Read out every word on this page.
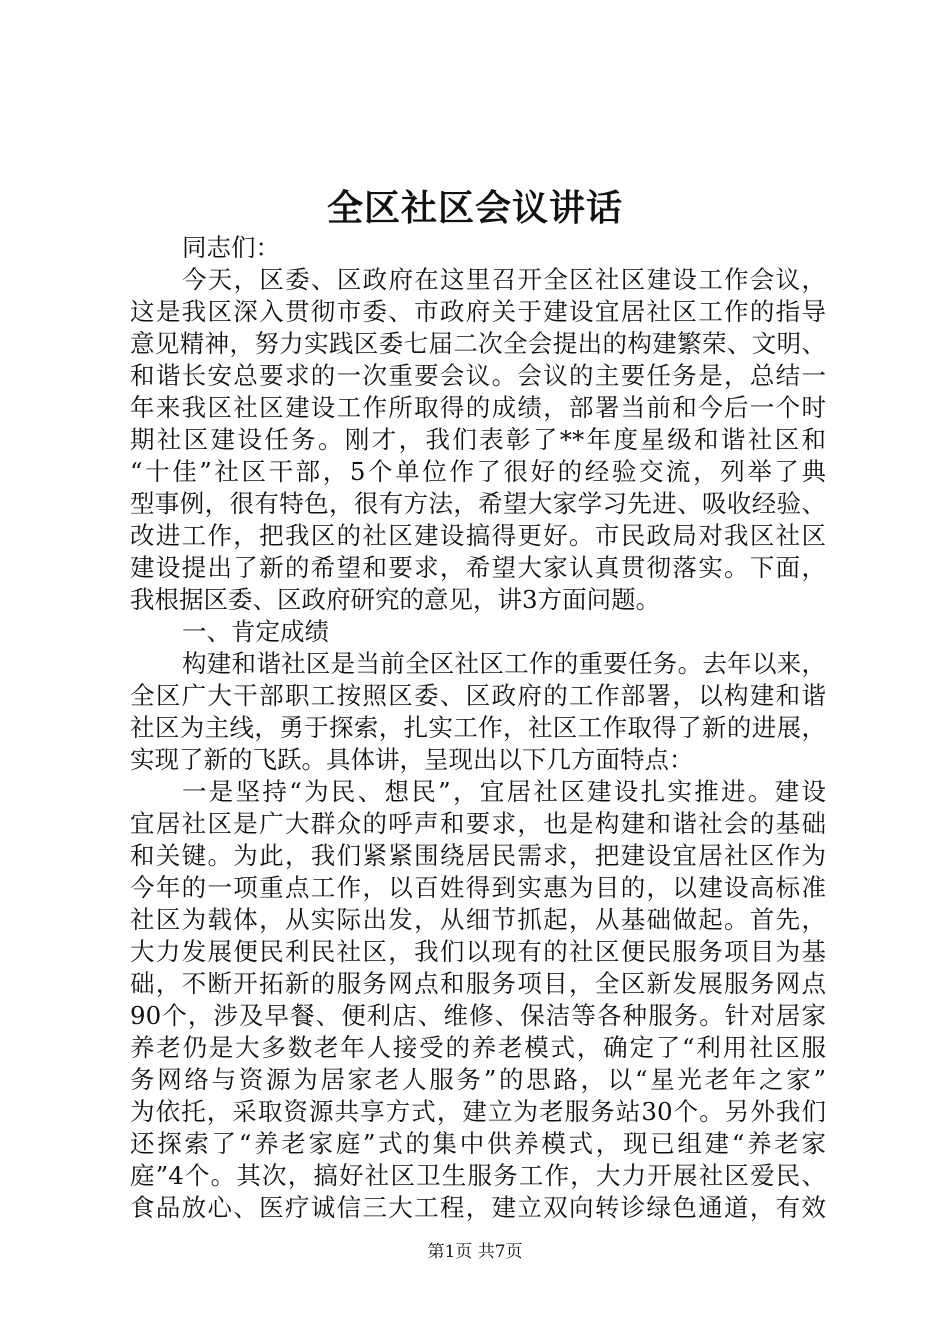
全区社区会议讲话
同志们：
今天，区委、区政府在这里召开全区社区建设工作会议，
这是我区深入贯彻市委、市政府关于建设宜居社区工作的指导
意见精神，努力实践区委七届二次全会提出的构建繁荣、文明、
和谐长安总要求的一次重要会议。会议的主要任务是，总结一
年来我区社区建设工作所取得的成绩，部署当前和今后一个时
期社区建设任务。刚才，我们表彰了**年度星级和谐社区和
“十佳”社区干部，5个单位作了很好的经验交流，列举了典
型事例，很有特色，很有方法，希望大家学习先进、吸收经验、
改进工作，把我区的社区建设搞得更好。市民政局对我区社区
建设提出了新的希望和要求，希望大家认真贯彻落实。下面，
我根据区委、区政府研究的意见，讲3方面问题。
一、肯定成绩
构建和谐社区是当前全区社区工作的重要任务。去年以来，
全区广大干部职工按照区委、区政府的工作部署，以构建和谐
社区为主线，勇于探索，扎实工作，社区工作取得了新的进展，
实现了新的飞跃。具体讲，呈现出以下几方面特点：
一是坚持“为民、想民”，宜居社区建设扎实推进。建设
宜居社区是广大群众的呼声和要求，也是构建和谐社会的基础
和关键。为此，我们紧紧围绕居民需求，把建设宜居社区作为
今年的一项重点工作，以百姓得到实惠为目的，以建设高标准
社区为载体，从实际出发，从细节抓起，从基础做起。首先，
大力发展便民利民社区，我们以现有的社区便民服务项目为基
础，不断开拓新的服务网点和服务项目，全区新发展服务网点
90个，涉及早餐、便利店、维修、保洁等各种服务。针对居家
养老仍是大多数老年人接受的养老模式，确定了“利用社区服
务网络与资源为居家老人服务”的思路，以“星光老年之家”
为依托，采取资源共享方式，建立为老服务站30个。另外我们
还探索了“养老家庭”式的集中供养模式，现已组建“养老家
庭”4个。其次，搞好社区卫生服务工作，大力开展社区爱民、
食品放心、医疗诚信三大工程，建立双向转诊绿色通道，有效
第1页 共7页
